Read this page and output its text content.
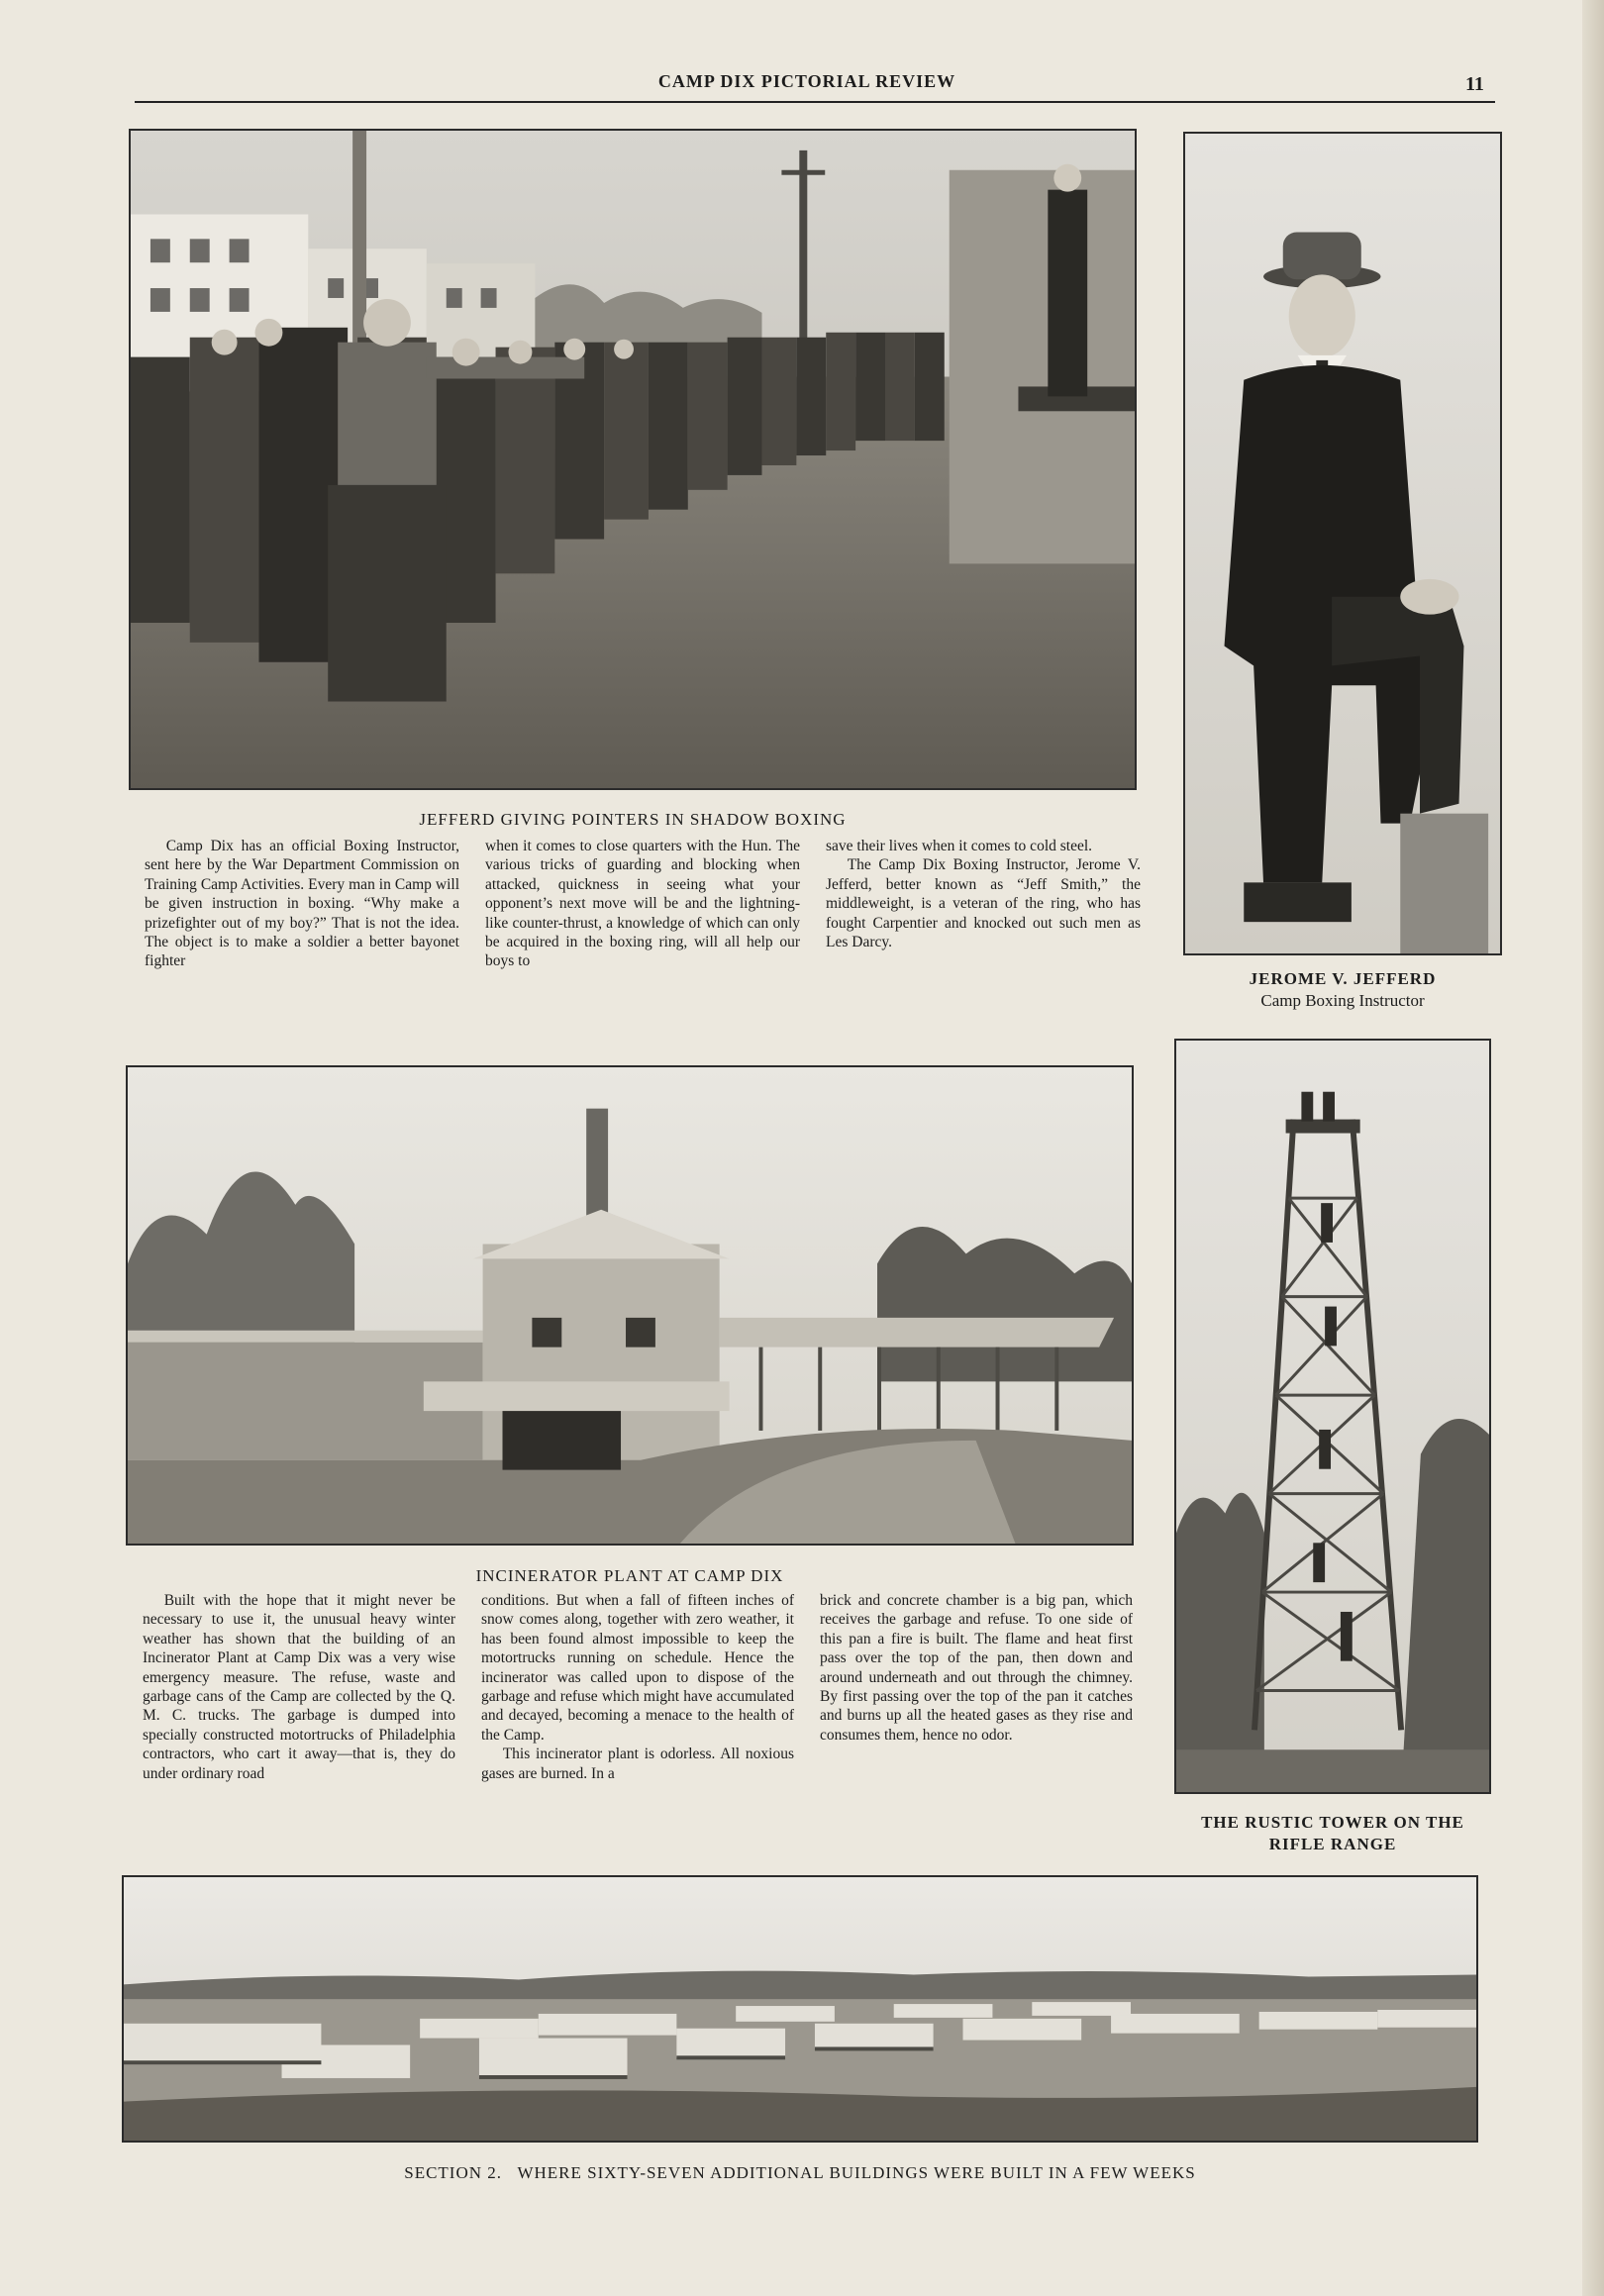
CAMP DIX PICTORIAL REVIEW	11
JEFFERD GIVING POINTERS IN SHADOW BOXING

Camp Dix has an official Boxing Instructor, sent here by the War Department Commission on Training Camp Activities. Every man in Camp will be given instruction in boxing. “Why make a prizefighter out of my boy?” That is not the idea. The object is to make a soldier a better bayonet fighter

when it comes to close quarters with the Hun. The various tricks of guarding and blocking when attacked, quickness in seeing what your opponent’s next move will be and the lightning-like counter-thrust, a knowledge of which can only be acquired in the boxing ring, will all help our boys to

save their lives when it comes to cold steel.

The Camp Dix Boxing Instructor, Jerome V. Jefferd, better known as “Jeff Smith,” the middleweight, is a veteran of the ring, who has fought Carpentier and knocked out such men as Les Darcy.

JEROME V. JEFFERD
Camp Boxing Instructor
INCINERATOR PLANT AT CAMP DIX

Built with the hope that it might never be necessary to use it, the unusual heavy winter weather has shown that the building of an Incinerator Plant at Camp Dix was a very wise emergency measure. The refuse, waste and garbage cans of the Camp are collected by the Q. M. C. trucks. The garbage is dumped into specially constructed motortrucks of Philadelphia contractors, who cart it away—that is, they do under ordinary road

conditions. But when a fall of fifteen inches of snow comes along, together with zero weather, it has been found almost impossible to keep the motortrucks running on schedule. Hence the incinerator was called upon to dispose of the garbage and refuse which might have accumulated and decayed, becoming a menace to the health of the Camp.

This incinerator plant is odorless. All noxious gases are burned. In a

brick and concrete chamber is a big pan, which receives the garbage and refuse. To one side of this pan a fire is built. The flame and heat first pass over the top of the pan, then down and around underneath and out through the chimney. By first passing over the top of the pan it catches and burns up all the heated gases as they rise and consumes them, hence no odor.

THE RUSTIC TOWER ON THE
RIFLE RANGE
SECTION 2.   WHERE SIXTY-SEVEN ADDITIONAL BUILDINGS WERE BUILT IN A FEW WEEKS
